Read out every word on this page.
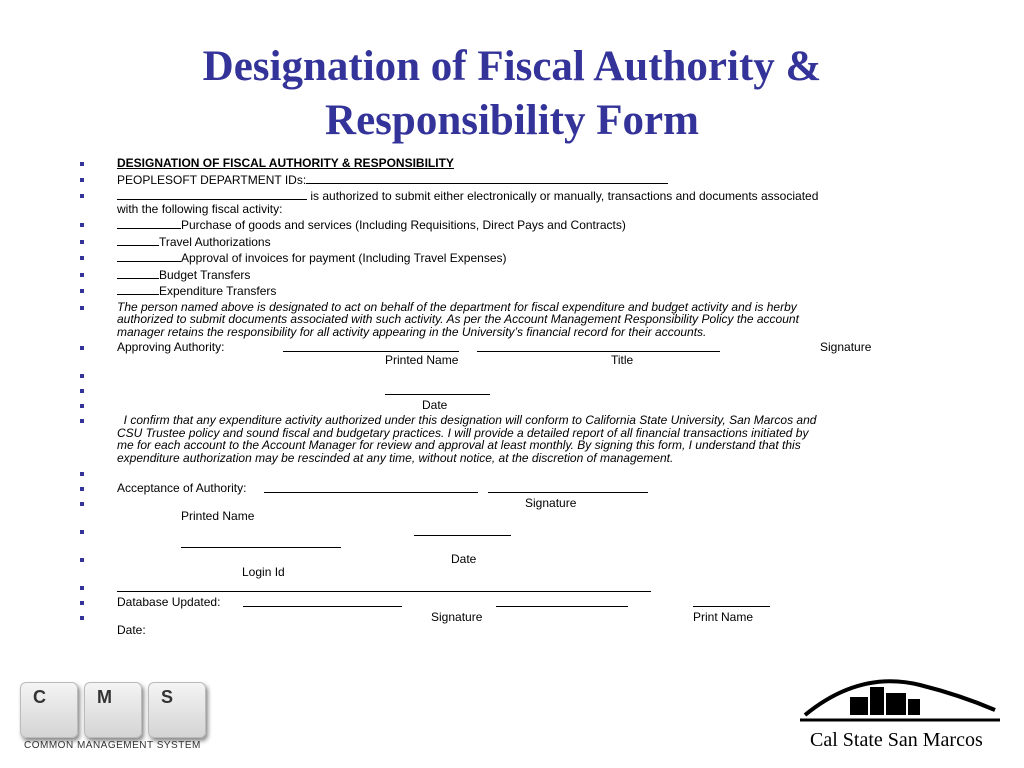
Designation of Fiscal Authority &
Responsibility Form
DESIGNATION OF FISCAL AUTHORITY & RESPONSIBILITY
PEOPLESOFT DEPARTMENT IDs:
is authorized to submit either electronically or manually, transactions and documents associated
with the following fiscal activity:
Purchase of goods and services (Including Requisitions, Direct Pays and Contracts)
Travel Authorizations
Approval of invoices for payment (Including Travel Expenses)
Budget Transfers
Expenditure Transfers
The person named above is designated to act on behalf of the department for fiscal expenditure and budget activity and is herby
authorized to submit documents associated with such activity. As per the Account Management Responsibility Policy the account
manager retains the responsibility for all activity appearing in the University’s financial record for their accounts.
Approving Authority:	Signature
Printed Name	Title
Date
I confirm that any expenditure activity authorized under this designation will conform to California State University, San Marcos and
CSU Trustee policy and sound fiscal and budgetary practices. I will provide a detailed report of all financial transactions initiated by
me for each account to the Account Manager for review and approval at least monthly. By signing this form, I understand that this
expenditure authorization may be rescinded at any time, without notice, at the discretion of management.
Acceptance of Authority:
Signature
Printed Name
Date
Login Id
Database Updated:
Signature	Print Name
Date:
C	M	S
COMMON MANAGEMENT SYSTEM	Cal State San Marcos
